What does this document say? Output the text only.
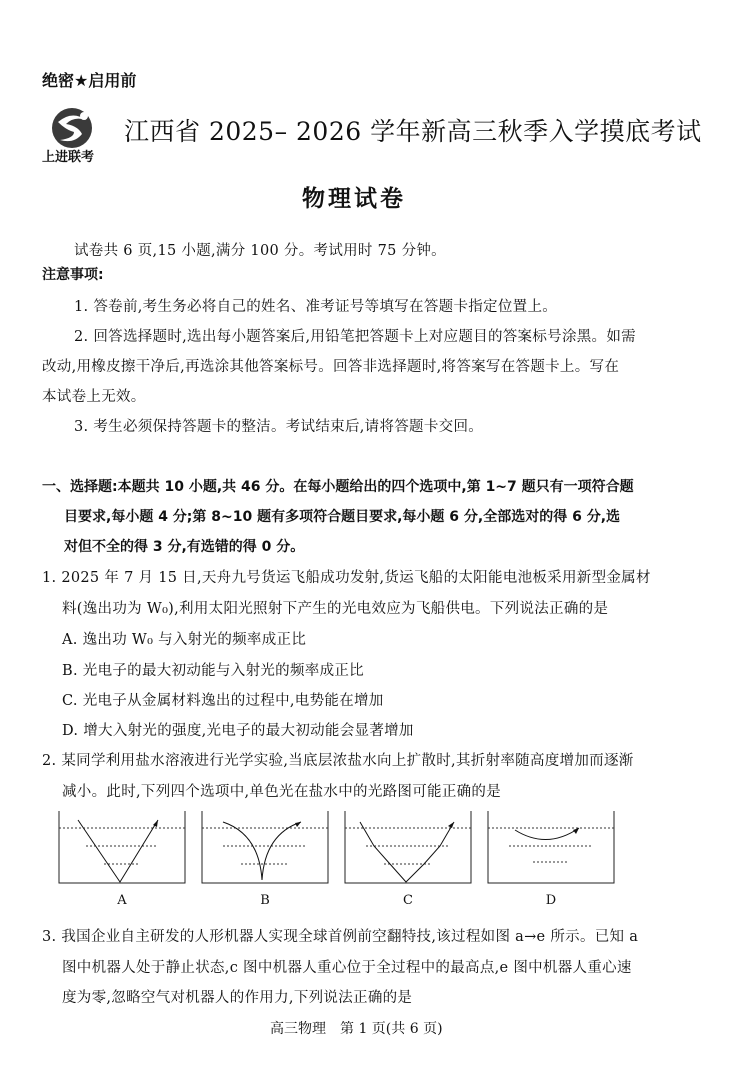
绝密★启用前
上进联考
江西省 2025– 2026 学年新高三秋季入学摸底考试
物理试卷
试卷共 6 页,15 小题,满分 100 分。考试用时 75 分钟。
注意事项:
1. 答卷前,考生务必将自己的姓名、准考证号等填写在答题卡指定位置上。
2. 回答选择题时,选出每小题答案后,用铅笔把答题卡上对应题目的答案标号涂黑。如需
改动,用橡皮擦干净后,再选涂其他答案标号。回答非选择题时,将答案写在答题卡上。写在
本试卷上无效。
3. 考生必须保持答题卡的整洁。考试结束后,请将答题卡交回。
一、选择题:本题共 10 小题,共 46 分。在每小题给出的四个选项中,第 1~7 题只有一项符合题
目要求,每小题 4 分;第 8~10 题有多项符合题目要求,每小题 6 分,全部选对的得 6 分,选
对但不全的得 3 分,有选错的得 0 分。
1. 2025 年 7 月 15 日,天舟九号货运飞船成功发射,货运飞船的太阳能电池板采用新型金属材
料(逸出功为 W₀),利用太阳光照射下产生的光电效应为飞船供电。下列说法正确的是
A. 逸出功 W₀ 与入射光的频率成正比
B. 光电子的最大初动能与入射光的频率成正比
C. 光电子从金属材料逸出的过程中,电势能在增加
D. 增大入射光的强度,光电子的最大初动能会显著增加
2. 某同学利用盐水溶液进行光学实验,当底层浓盐水向上扩散时,其折射率随高度增加而逐渐
减小。此时,下列四个选项中,单色光在盐水中的光路图可能正确的是
A	B	C	D
3. 我国企业自主研发的人形机器人实现全球首例前空翻特技,该过程如图 a→e 所示。已知 a
图中机器人处于静止状态,c 图中机器人重心位于全过程中的最高点,e 图中机器人重心速
度为零,忽略空气对机器人的作用力,下列说法正确的是
高三物理　第 1 页(共 6 页)
